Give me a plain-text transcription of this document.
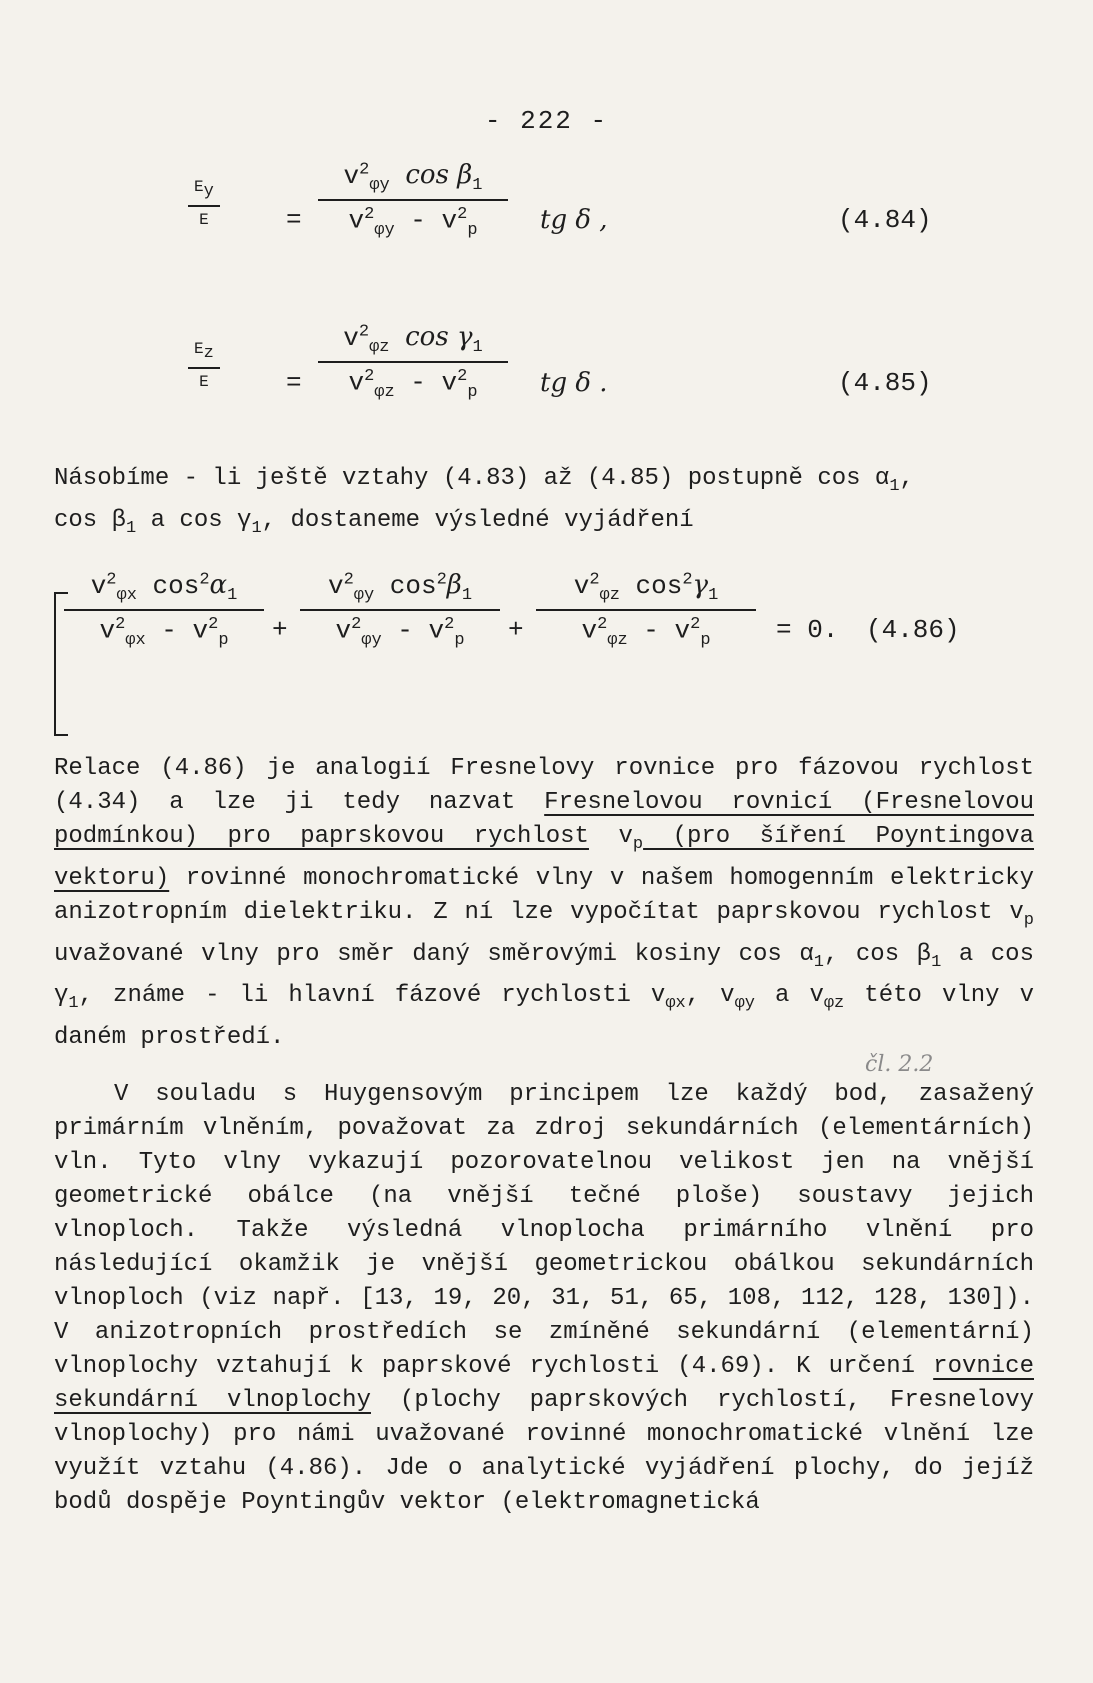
- 222 -
$E_y$
E	=
$v^2_{\varphi y}$ $\cos \beta_1$
$v^2_{\varphi y} - v^2_p$ tg δ ,	(4.84)
$E_z$
E	=
$v^2_{\varphi z}$ $\cos \gamma_1$
$v^2_{\varphi z} - v^2_p$ tg δ .	(4.85)
Násobíme - li ještě vztahy (4.83) až (4.85) postupně $\cos \alpha_1$,
$\cos \beta_1$ a $\cos \gamma_1$, dostaneme výsledné vyjádření
$v^2_{\varphi x}$ $\cos^2\alpha_1$
$v^2_{\varphi x} - v^2_p$ +
$v^2_{\varphi y}$ $\cos^2\beta_1$
$v^2_{\varphi y} - v^2_p$ +
$v^2_{\varphi z}$ $\cos^2\gamma_1$
$v^2_{\varphi z} - v^2_p$	= 0. (4.86)

Relace (4.86) je analogií Fresnelovy rovnice pro fázovou rychlost (4.34) a lze ji tedy nazvat Fresnelovou rovnicí (Fresnelovou podmínkou) pro paprskovou rychlost $v_p$ (pro šíření Poyntingova vektoru) rovinné monochromatické vlny v našem homogenním elektricky anizotropním dielektriku. Z ní lze vypočítat paprskovou rychlost $v_p$ uvažované vlny pro směr daný směrovými kosiny $\cos \alpha_1$, $\cos \beta_1$ a $\cos \gamma_1$, známe - li hlavní fázové rychlosti $v_{\varphi x}$, $v_{\varphi y}$ a $v_{\varphi z}$ této vlny v daném prostředí.

čl. 2.2

V souladu s Huygensovým principem lze každý bod, zasažený primárním vlněním, považovat za zdroj sekundárních (elementárních) vln. Tyto vlny vykazují pozorovatelnou velikost jen na vnější geometrické obálce (na vnější tečné ploše) soustavy jejich vlnoploch. Takže výsledná vlnoplocha primárního vlnění pro následující okamžik je vnější geometrickou obálkou sekundárních vlnoploch (viz např. [13, 19, 20, 31, 51, 65, 108, 112, 128, 130]). V anizotropních prostředích se zmíněné sekundární (elementární) vlnoplochy vztahují k paprskové rychlosti (4.69). K určení rovnice sekundární vlnoplochy (plochy paprskových rychlostí, Fresnelovy vlnoplochy) pro námi uvažované rovinné monochromatické vlnění lze využít vztahu (4.86). Jde o analytické vyjádření plochy, do jejíž bodů dospěje Poyntingův vektor (elektromagnetická
